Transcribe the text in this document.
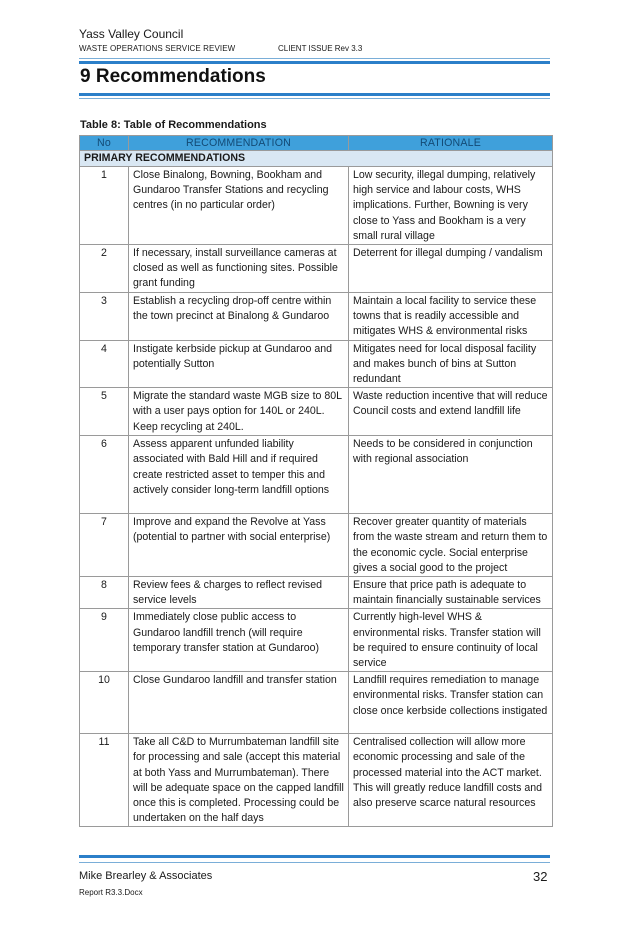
Yass Valley Council
WASTE OPERATIONS SERVICE REVIEW	CLIENT ISSUE Rev 3.3
9 Recommendations
Table 8: Table of Recommendations
No	RECOMMENDATION	RATIONALE
PRIMARY RECOMMENDATIONS		
1	Close Binalong, Bowning, Bookham and Gundaroo Transfer Stations and recycling centres (in no particular order)	Low security, illegal dumping, relatively high service and labour costs, WHS implications. Further, Bowning is very close to Yass and Bookham is a very small rural village
2	If necessary, install surveillance cameras at closed as well as functioning sites. Possible grant funding	Deterrent for illegal dumping / vandalism
3	Establish a recycling drop-off centre within the town precinct at Binalong & Gundaroo	Maintain a local facility to service these towns that is readily accessible and mitigates WHS & environmental risks
4	Instigate kerbside pickup at Gundaroo and potentially Sutton	Mitigates need for local disposal facility and makes bunch of bins at Sutton redundant
5	Migrate the standard waste MGB size to 80L with a user pays option for 140L or 240L. Keep recycling at 240L.	Waste reduction incentive that will reduce Council costs and extend landfill life
6	Assess apparent unfunded liability associated with Bald Hill and if required create restricted asset to temper this and actively consider long-term landfill options	Needs to be considered in conjunction with regional association
7	Improve and expand the Revolve at Yass (potential to partner with social enterprise)	Recover greater quantity of materials from the waste stream and return them to the economic cycle. Social enterprise gives a social good to the project
8	Review fees & charges to reflect revised service levels	Ensure that price path is adequate to maintain financially sustainable services
9	Immediately close public access to Gundaroo landfill trench (will require temporary transfer station at Gundaroo)	Currently high-level WHS & environmental risks. Transfer station will be required to ensure continuity of local service
10	Close Gundaroo landfill and transfer station	Landfill requires remediation to manage environmental risks. Transfer station can close once kerbside collections instigated
11	Take all C&D to Murrumbateman landfill site for processing and sale (accept this material at both Yass and Murrumbateman). There will be adequate space on the capped landfill once this is completed. Processing could be undertaken on the half days	Centralised collection will allow more economic processing and sale of the processed material into the ACT market. This will greatly reduce landfill costs and also preserve scarce natural resources
Mike Brearley & Associates
Report R3.3.Docx
32
